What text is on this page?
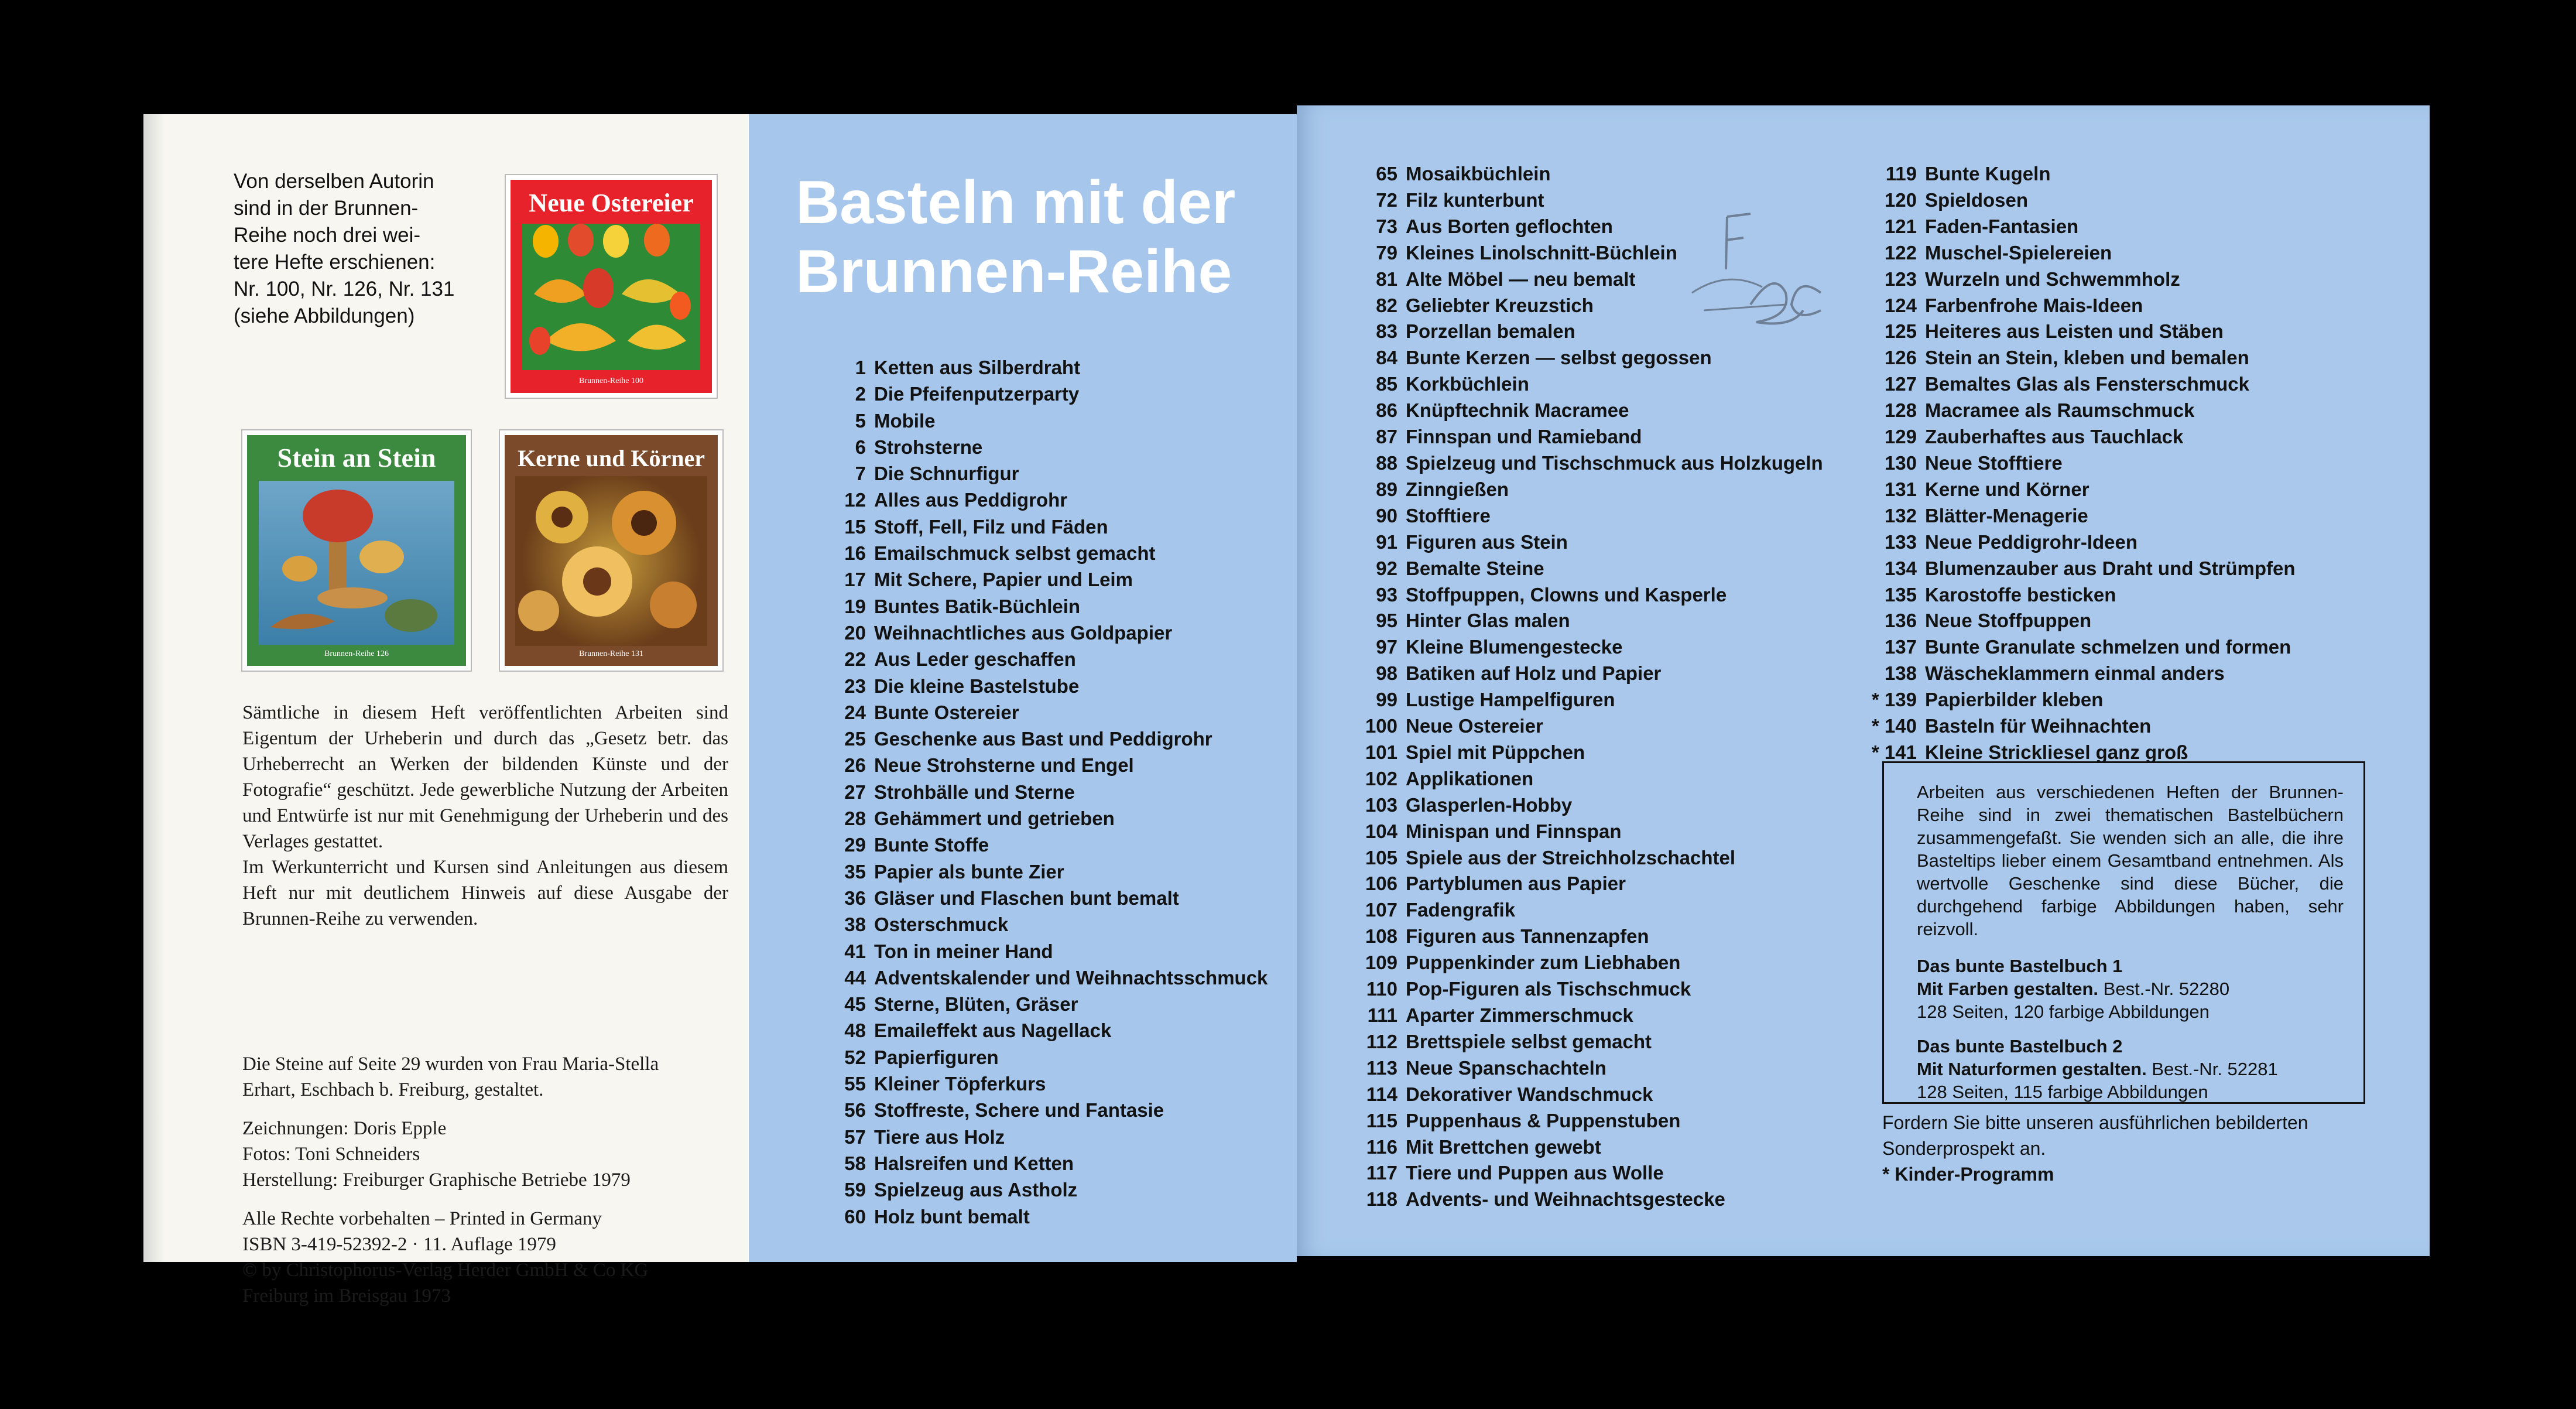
Von derselben Autorin
sind in der Brunnen-
Reihe noch drei wei-
tere Hefte erschienen:
Nr. 100, Nr. 126, Nr. 131
(siehe Abbildungen)

Neue Ostereier
Brunnen-Reihe 100
Stein an Stein
Brunnen-Reihe 126
Kerne und Körner
Brunnen-Reihe 131

Sämtliche in diesem Heft veröffentlichten Arbeiten sind Eigentum der Urheberin und durch das „Gesetz betr. das Urheberrecht an Werken der bildenden Künste und der Fotografie“ geschützt. Jede gewerbliche Nutzung der Arbeiten und Entwürfe ist nur mit Genehmigung der Urheberin und des Verlages gestattet.

Im Werkunterricht und Kursen sind Anleitungen aus diesem Heft nur mit deutlichem Hinweis auf diese Ausgabe der Brunnen-Reihe zu verwenden.

Die Steine auf Seite 29 wurden von Frau Maria-Stella
Erhart, Eschbach b. Freiburg, gestaltet.

Zeichnungen: Doris Epple
Fotos: Toni Schneiders
Herstellung: Freiburger Graphische Betriebe 1979

Alle Rechte vorbehalten – Printed in Germany
ISBN 3-419-52392-2 · 11. Auflage 1979
© by Christophorus-Verlag Herder GmbH & Co KG
Freiburg im Breisgau 1973

Basteln mit der
Brunnen-Reihe
1 Ketten aus Silberdraht
2 Die Pfeifenputzerparty
5 Mobile
6 Strohsterne
7 Die Schnurfigur
12 Alles aus Peddigrohr
15 Stoff, Fell, Filz und Fäden
16 Emailschmuck selbst gemacht
17 Mit Schere, Papier und Leim
19 Buntes Batik-Büchlein
20 Weihnachtliches aus Goldpapier
22 Aus Leder geschaffen
23 Die kleine Bastelstube
24 Bunte Ostereier
25 Geschenke aus Bast und Peddigrohr
26 Neue Strohsterne und Engel
27 Strohbälle und Sterne
28 Gehämmert und getrieben
29 Bunte Stoffe
35 Papier als bunte Zier
36 Gläser und Flaschen bunt bemalt
38 Osterschmuck
41 Ton in meiner Hand
44 Adventskalender und Weihnachtsschmuck
45 Sterne, Blüten, Gräser
48 Emaileffekt aus Nagellack
52 Papierfiguren
55 Kleiner Töpferkurs
56 Stoffreste, Schere und Fantasie
57 Tiere aus Holz
58 Halsreifen und Ketten
59 Spielzeug aus Astholz
60 Holz bunt bemalt
65 Mosaikbüchlein
72 Filz kunterbunt
73 Aus Borten geflochten
79 Kleines Linolschnitt-Büchlein
81 Alte Möbel — neu bemalt
82 Geliebter Kreuzstich
83 Porzellan bemalen
84 Bunte Kerzen — selbst gegossen
85 Korkbüchlein
86 Knüpftechnik Macramee
87 Finnspan und Ramieband
88 Spielzeug und Tischschmuck aus Holzkugeln
89 Zinngießen
90 Stofftiere
91 Figuren aus Stein
92 Bemalte Steine
93 Stoffpuppen, Clowns und Kasperle
95 Hinter Glas malen
97 Kleine Blumengestecke
98 Batiken auf Holz und Papier
99 Lustige Hampelfiguren
100 Neue Ostereier
101 Spiel mit Püppchen
102 Applikationen
103 Glasperlen-Hobby
104 Minispan und Finnspan
105 Spiele aus der Streichholzschachtel
106 Partyblumen aus Papier
107 Fadengrafik
108 Figuren aus Tannenzapfen
109 Puppenkinder zum Liebhaben
110 Pop-Figuren als Tischschmuck
111 Aparter Zimmerschmuck
112 Brettspiele selbst gemacht
113 Neue Spanschachteln
114 Dekorativer Wandschmuck
115 Puppenhaus & Puppenstuben
116 Mit Brettchen gewebt
117 Tiere und Puppen aus Wolle
118 Advents- und Weihnachtsgestecke
119 Bunte Kugeln
120 Spieldosen
121 Faden-Fantasien
122 Muschel-Spielereien
123 Wurzeln und Schwemmholz
124 Farbenfrohe Mais-Ideen
125 Heiteres aus Leisten und Stäben
126 Stein an Stein, kleben und bemalen
127 Bemaltes Glas als Fensterschmuck
128 Macramee als Raumschmuck
129 Zauberhaftes aus Tauchlack
130 Neue Stofftiere
131 Kerne und Körner
132 Blätter-Menagerie
133 Neue Peddigrohr-Ideen
134 Blumenzauber aus Draht und Strümpfen
135 Karostoffe besticken
136 Neue Stoffpuppen
137 Bunte Granulate schmelzen und formen
138 Wäscheklammern einmal anders
* 139 Papierbilder kleben
* 140 Basteln für Weihnachten
* 141 Kleine Strickliesel ganz groß

Arbeiten aus verschiedenen Heften der Brunnen-Reihe sind in zwei thematischen Bastelbüchern zusammengefaßt. Sie wenden sich an alle, die ihre Basteltips lieber einem Gesamtband entnehmen. Als wertvolle Geschenke sind diese Bücher, die durchgehend farbige Abbildungen haben, sehr reizvoll.

Das bunte Bastelbuch 1
Mit Farben gestalten. Best.-Nr. 52280
128 Seiten, 120 farbige Abbildungen
Das bunte Bastelbuch 2
Mit Naturformen gestalten. Best.-Nr. 52281
128 Seiten, 115 farbige Abbildungen
Fordern Sie bitte unseren ausführlichen bebilderten
Sonderprospekt an.
* Kinder-Programm
